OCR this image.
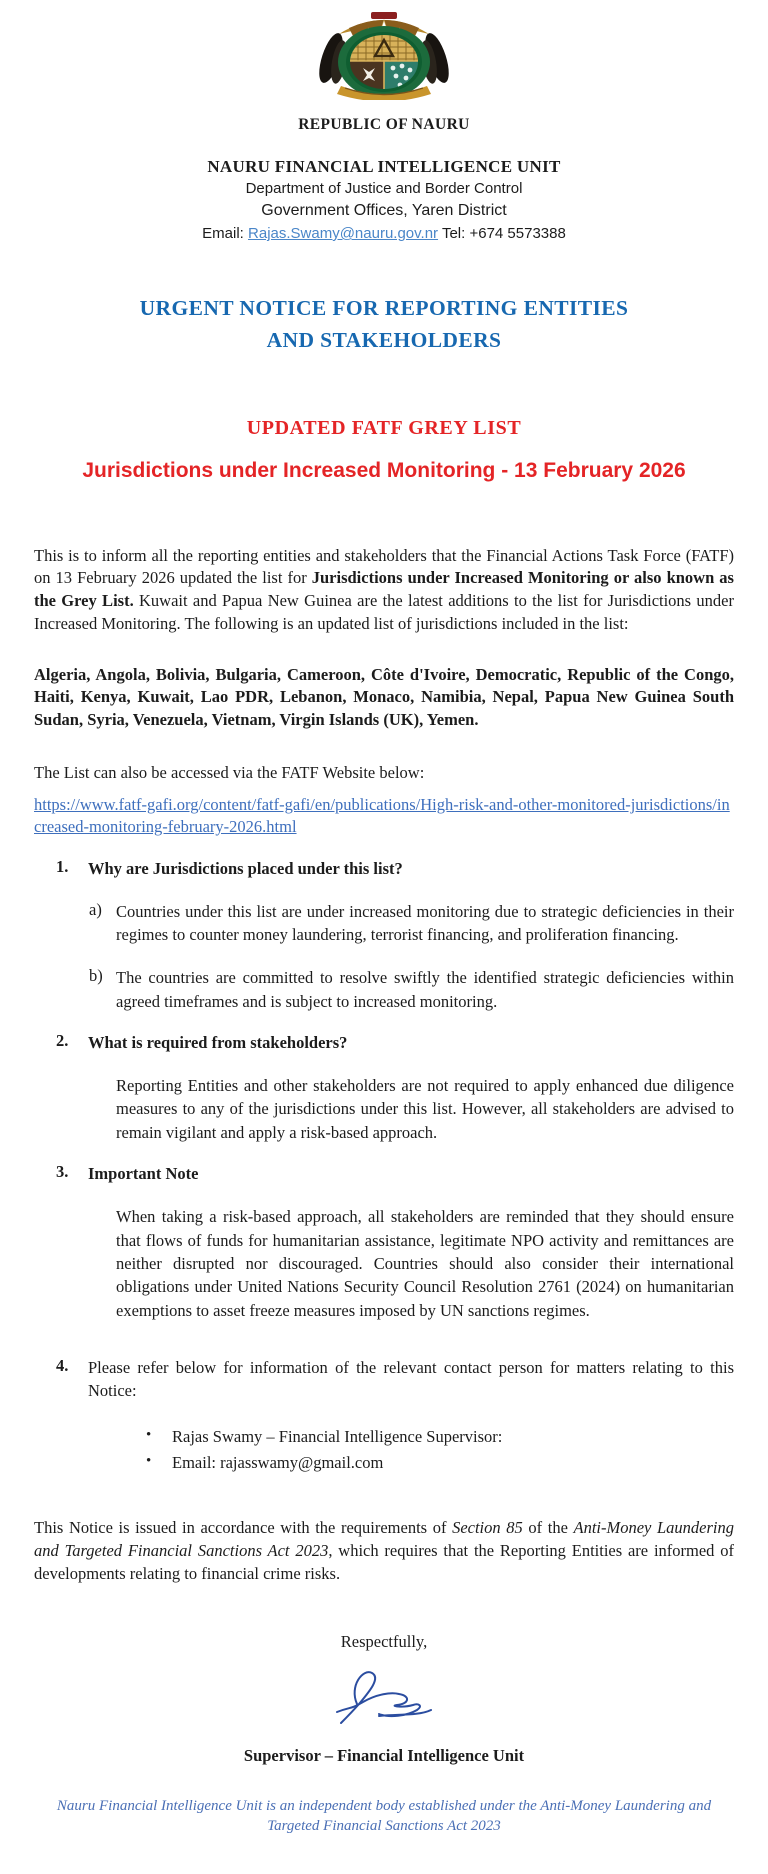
REPUBLIC OF NAURU
NAURU FINANCIAL INTELLIGENCE UNIT
Department of Justice and Border Control
Government Offices, Yaren District
Email: Rajas.Swamy@nauru.gov.nr Tel: +674 5573388
URGENT NOTICE FOR REPORTING ENTITIES
AND STAKEHOLDERS
UPDATED FATF GREY LIST
Jurisdictions under Increased Monitoring - 13 February 2026

This is to inform all the reporting entities and stakeholders that the Financial Actions Task Force (FATF) on 13 February 2026 updated the list for Jurisdictions under Increased Monitoring or also known as the Grey List. Kuwait and Papua New Guinea are the latest additions to the list for Jurisdictions under Increased Monitoring. The following is an updated list of jurisdictions included in the list:

Algeria, Angola, Bolivia, Bulgaria, Cameroon, Côte d'Ivoire, Democratic, Republic of the Congo, Haiti, Kenya, Kuwait, Lao PDR, Lebanon, Monaco, Namibia, Nepal, Papua New Guinea South Sudan, Syria, Venezuela, Vietnam, Virgin Islands (UK), Yemen.

The List can also be accessed via the FATF Website below:

https://www.fatf-gafi.org/content/fatf-gafi/en/publications/High-risk-and-other-monitored-jurisdictions/increased-monitoring-february-2026.html

1.	Why are Jurisdictions placed under this list?
a) Countries under this list are under increased monitoring due to strategic deficiencies in their regimes to counter money laundering, terrorist financing, and proliferation financing.
b) The countries are committed to resolve swiftly the identified strategic deficiencies within agreed timeframes and is subject to increased monitoring.
2.	What is required from stakeholders?

Reporting Entities and other stakeholders are not required to apply enhanced due diligence measures to any of the jurisdictions under this list. However, all stakeholders are advised to remain vigilant and apply a risk-based approach.

3.	Important Note

When taking a risk-based approach, all stakeholders are reminded that they should ensure that flows of funds for humanitarian assistance, legitimate NPO activity and remittances are neither disrupted nor discouraged. Countries should also consider their international obligations under United Nations Security Council Resolution 2761 (2024) on humanitarian exemptions to asset freeze measures imposed by UN sanctions regimes.

4.	Please refer below for information of the relevant contact person for matters relating to this Notice:
• Rajas Swamy – Financial Intelligence Supervisor:
• Email: rajasswamy@gmail.com

This Notice is issued in accordance with the requirements of Section 85 of the Anti-Money Laundering and Targeted Financial Sanctions Act 2023, which requires that the Reporting Entities are informed of developments relating to financial crime risks.

Respectfully,

Supervisor – Financial Intelligence Unit

Nauru Financial Intelligence Unit is an independent body established under the Anti-Money Laundering and
Targeted Financial Sanctions Act 2023
